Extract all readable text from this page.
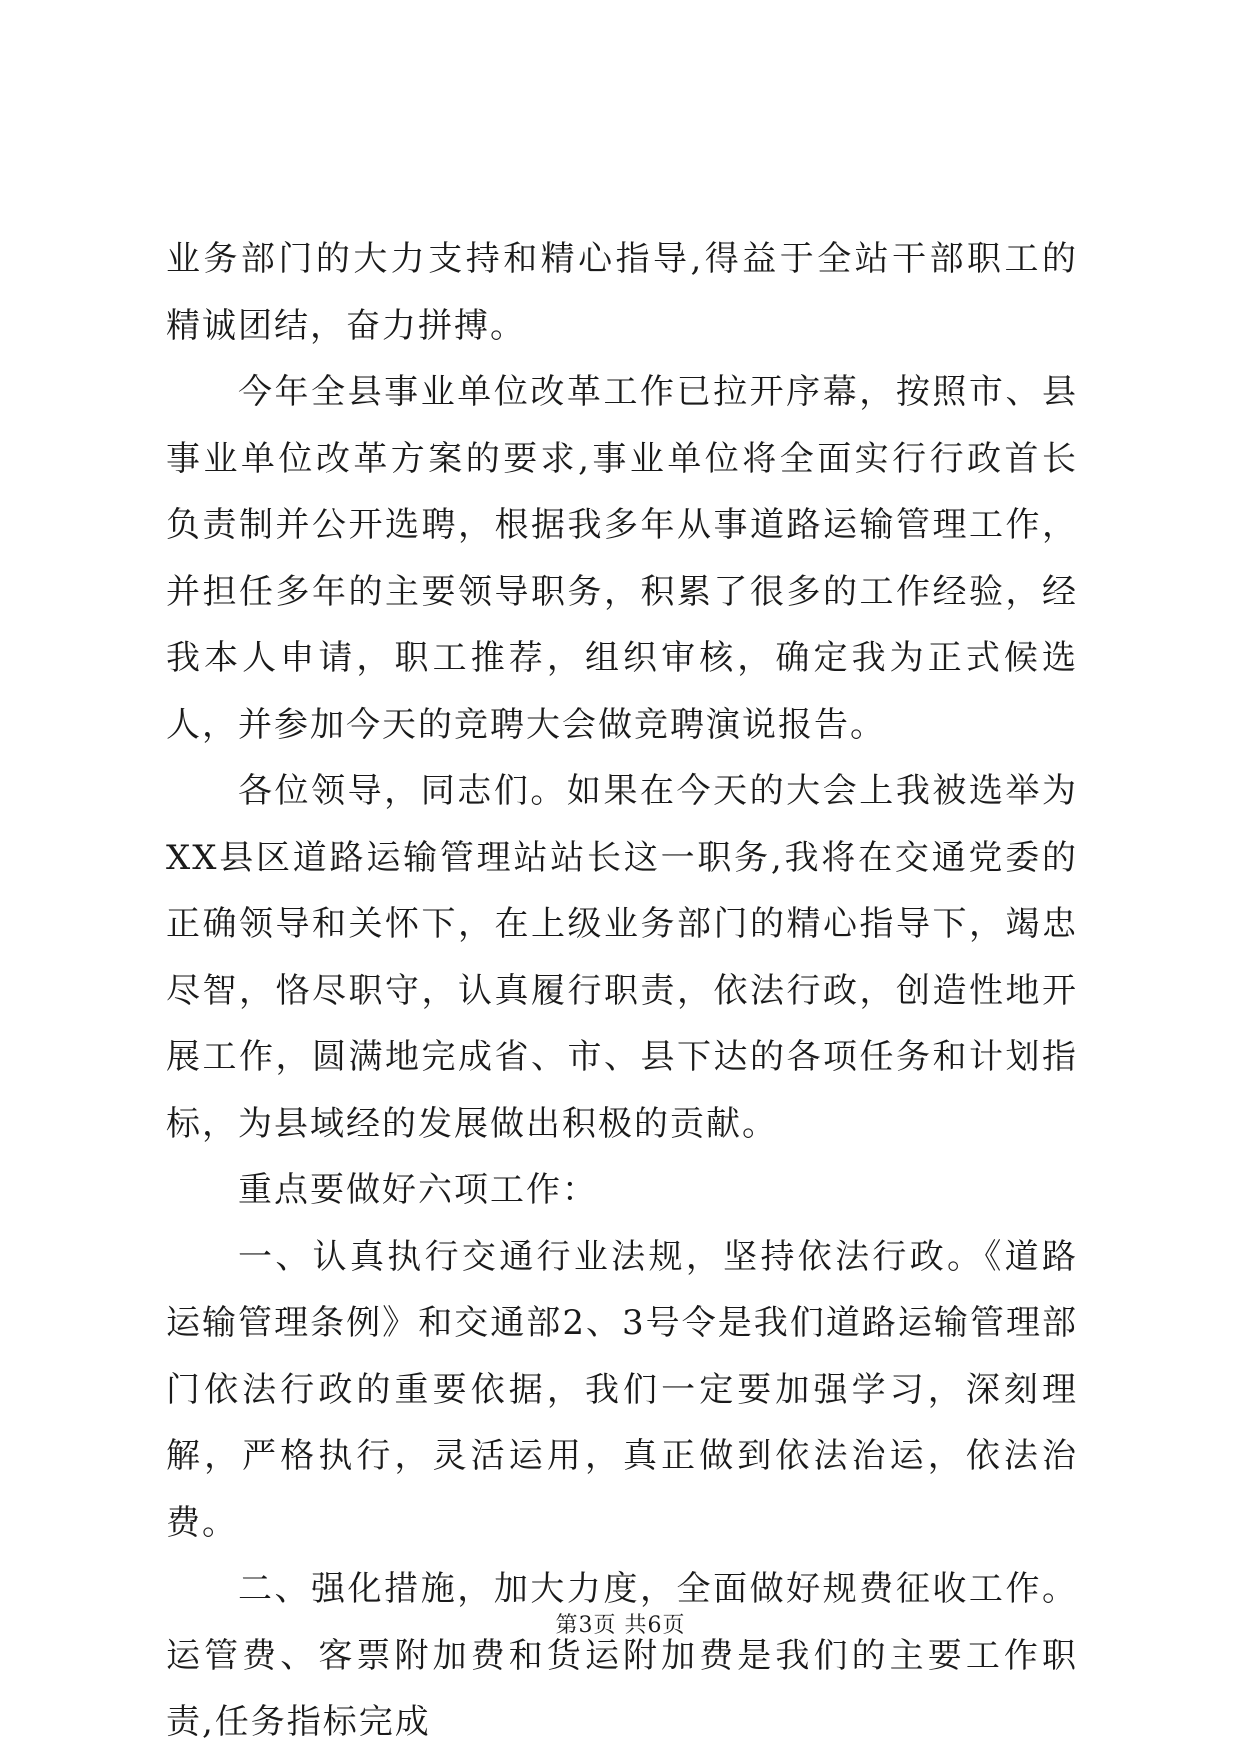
业务部门的大力支持和精心指导,得益于全站干部职工的精诚团结，奋力拼搏。

今年全县事业单位改革工作已拉开序幕，按照市、县事业单位改革方案的要求,事业单位将全面实行行政首长负责制并公开选聘，根据我多年从事道路运输管理工作，并担任多年的主要领导职务，积累了很多的工作经验，经我本人申请，职工推荐，组织审核，确定我为正式候选人，并参加今天的竞聘大会做竞聘演说报告。

各位领导，同志们。如果在今天的大会上我被选举为XX县区道路运输管理站站长这一职务,我将在交通党委的正确领导和关怀下，在上级业务部门的精心指导下，竭忠尽智，恪尽职守，认真履行职责，依法行政，创造性地开展工作，圆满地完成省、市、县下达的各项任务和计划指标，为县域经的发展做出积极的贡献。

重点要做好六项工作：

一、认真执行交通行业法规，坚持依法行政。《道路运输管理条例》和交通部2、3号令是我们道路运输管理部门依法行政的重要依据，我们一定要加强学习，深刻理解，严格执行，灵活运用，真正做到依法治运，依法治费。

二、强化措施，加大力度，全面做好规费征收工作。运管费、客票附加费和货运附加费是我们的主要工作职责,任务指标完成

第3页 共6页
